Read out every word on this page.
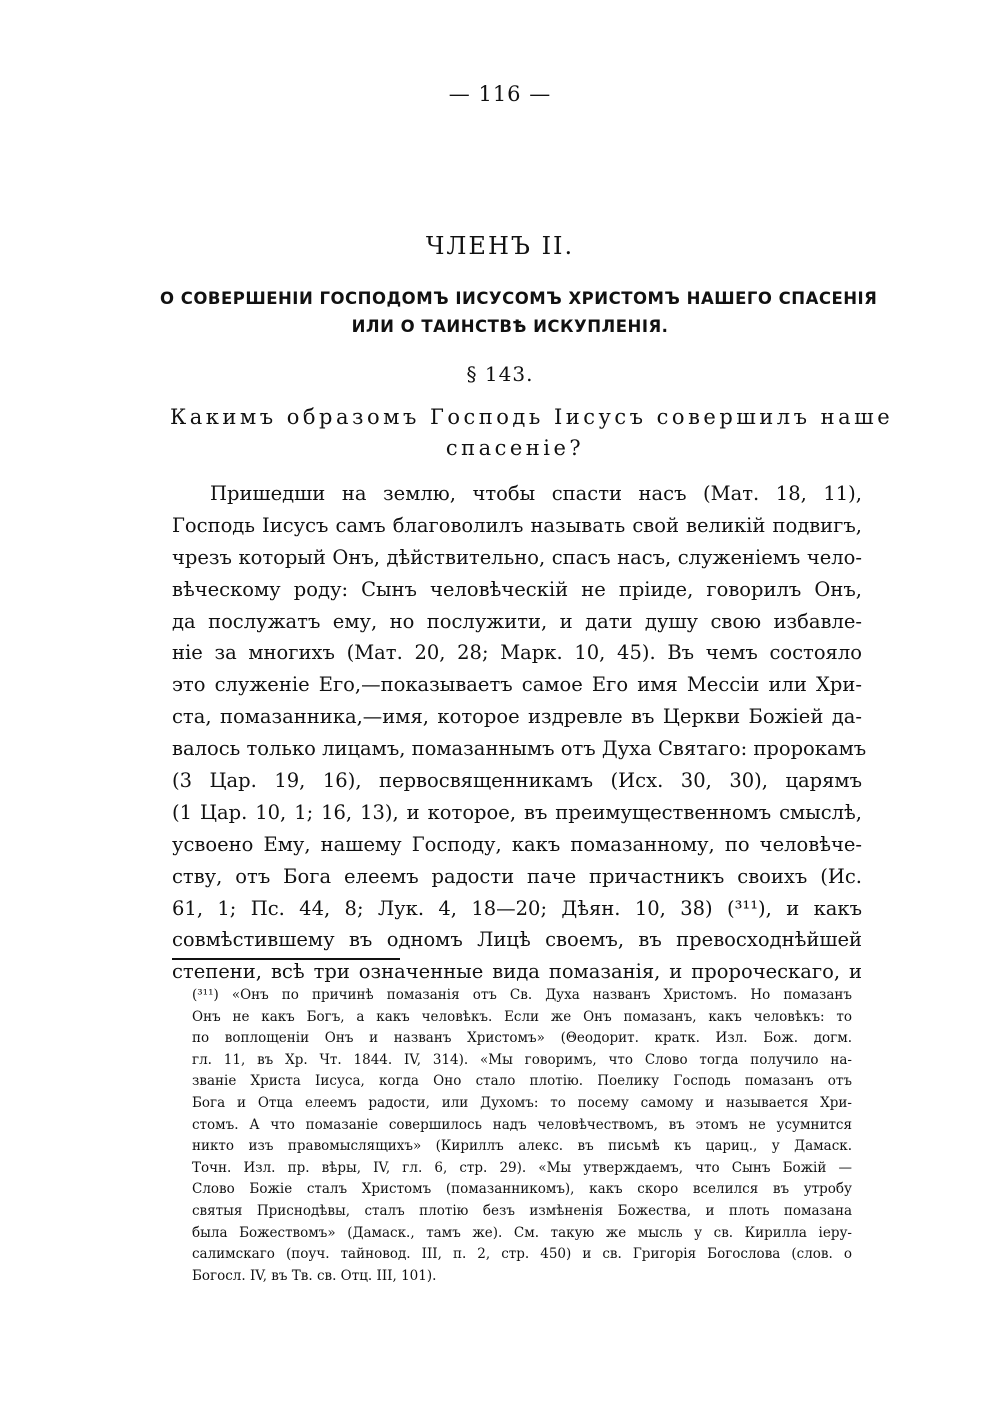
— 116 —
ЧЛЕНЪ II.
О СОВЕРШЕНІИ ГОСПОДОМЪ ІИСУСОМЪ ХРИСТОМЪ НАШЕГО СПАСЕНІЯ
ИЛИ О ТАИНСТВѢ ИСКУПЛЕНІЯ.
§ 143.
Какимъ образомъ Господь Іисусъ совершилъ наше
спасеніе?
Пришедши на землю, чтобы спасти насъ (Мат. 18, 11),
Господь Іисусъ самъ благоволилъ называть свой великій подвигъ,
чрезъ который Онъ, дѣйствительно, спасъ насъ, служеніемъ чело-
вѣческому роду: Сынъ человѣческій не пріиде, говорилъ Онъ,
да послужатъ ему, но послужити, и дати душу свою избавле-
ніе за многихъ (Мат. 20, 28; Марк. 10, 45). Въ чемъ состояло
это служеніе Его,—показываетъ самое Его имя Мессіи или Хри-
ста, помазанника,—имя, которое издревле въ Церкви Божіей да-
валось только лицамъ, помазаннымъ отъ Духа Святаго: пророкамъ
(3 Цар. 19, 16), первосвященникамъ (Исх. 30, 30), царямъ
(1 Цар. 10, 1; 16, 13), и которое, въ преимущественномъ смыслѣ,
усвоено Ему, нашему Господу, какъ помазанному, по человѣче-
ству, отъ Бога елеемъ радости паче причастникъ своихъ (Ис.
61, 1; Пс. 44, 8; Лук. 4, 18—20; Дѣян. 10, 38) (³¹¹), и какъ
совмѣстившему въ одномъ Лицѣ своемъ, въ превосходнѣйшей
степени, всѣ три означенные вида помазанія, и пророческаго, и
(³¹¹) «Онъ по причинѣ помазанія отъ Св. Духа названъ Христомъ. Но помазанъ
Онъ не какъ Богъ, а какъ человѣкъ. Если же Онъ помазанъ, какъ человѣкъ: то
по воплощеніи Онъ и названъ Христомъ» (Θеодорит. кратк. Изл. Бож. догм.
гл. 11, въ Хр. Чт. 1844. IV, 314). «Мы говоримъ, что Слово тогда получило на-
званіе Христа Іисуса, когда Оно стало плотію. Поелику Господь помазанъ отъ
Бога и Отца елеемъ радости, или Духомъ: то посему самому и называется Хри-
стомъ. А что помазаніе совершилось надъ человѣчествомъ, въ этомъ не усумнится
никто изъ правомыслящихъ» (Кириллъ алекс. въ письмѣ къ цариц., у Дамаск.
Точн. Изл. пр. вѣры, IV, гл. 6, стр. 29). «Мы утверждаемъ, что Сынъ Божій —
Слово Божіе сталъ Христомъ (помазанникомъ), какъ скоро вселился въ утробу
святыя Приснодѣвы, сталъ плотію безъ измѣненія Божества, и плоть помазана
была Божествомъ» (Дамаск., тамъ же). См. такую же мысль у св. Кирилла іеру-
салимскаго (поуч. тайновод. III, п. 2, стр. 450) и св. Григорія Богослова (слов. о
Богосл. IV, въ Тв. св. Отц. III, 101).
